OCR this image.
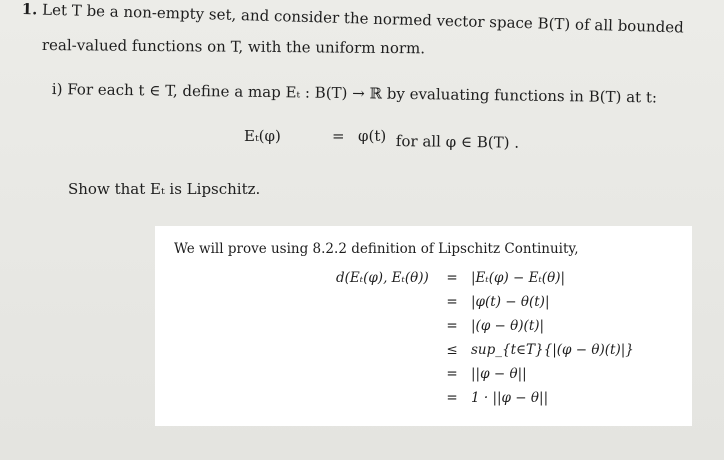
1. Let T be a non-empty set, and consider the normed vector space B(T) of all bounded
real-valued functions on T, with the uniform norm.
i) For each t ∈ T, define a map Eₜ : B(T) → ℝ by evaluating functions in B(T) at t:
Eₜ(φ)	= φ(t) for all φ ∈ B(T) .
Show that Eₜ is Lipschitz.
We will prove using 8.2.2 definition of Lipschitz Continuity,
d(Eₜ(φ), Eₜ(θ)) = |Eₜ(φ) − Eₜ(θ)|
= |φ(t) − θ(t)|
= |(φ − θ)(t)|
≤ sup_{t∈T}{|(φ − θ)(t)|}
= ||φ − θ||
= 1 · ||φ − θ||
